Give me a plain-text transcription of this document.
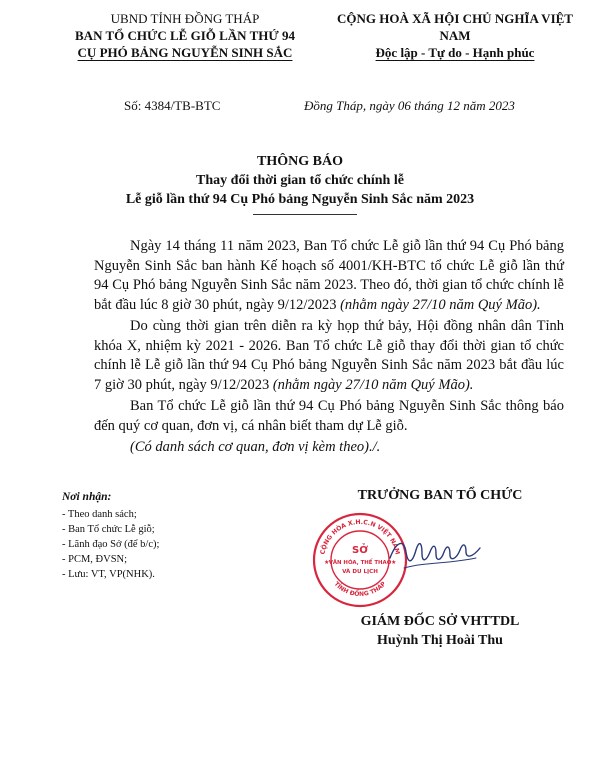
UBND TỈNH ĐỒNG THÁP
BAN TỔ CHỨC LỄ GIỖ LẦN THỨ 94
CỤ PHÓ BẢNG NGUYỄN SINH SẮC
CỘNG HOÀ XÃ HỘI CHỦ NGHĨA VIỆT NAM
Độc lập - Tự do - Hạnh phúc
Số: 4384/TB-BTC	Đồng Tháp, ngày 06 tháng 12 năm 2023
THÔNG BÁO
Thay đổi thời gian tổ chức chính lễ
Lễ giỗ lần thứ 94 Cụ Phó bảng Nguyễn Sinh Sắc năm 2023

Ngày 14 tháng 11 năm 2023, Ban Tổ chức Lễ giỗ lần thứ 94 Cụ Phó bảng Nguyễn Sinh Sắc ban hành Kế hoạch số 4001/KH-BTC tổ chức Lễ giỗ lần thứ 94 Cụ Phó bảng Nguyễn Sinh Sắc năm 2023. Theo đó, thời gian tổ chức chính lễ bắt đầu lúc 8 giờ 30 phút, ngày 9/12/2023 (nhằm ngày 27/10 năm Quý Mão).

Do cùng thời gian trên diễn ra kỳ họp thứ bảy, Hội đồng nhân dân Tỉnh khóa X, nhiệm kỳ 2021 - 2026. Ban Tổ chức Lễ giỗ thay đổi thời gian tổ chức chính lễ Lễ giỗ lần thứ 94 Cụ Phó bảng Nguyễn Sinh Sắc năm 2023 bắt đầu lúc 7 giờ 30 phút, ngày 9/12/2023 (nhằm ngày 27/10 năm Quý Mão).

Ban Tổ chức Lễ giỗ lần thứ 94 Cụ Phó bảng Nguyễn Sinh Sắc thông báo đến quý cơ quan, đơn vị, cá nhân biết tham dự Lễ giỗ.

(Có danh sách cơ quan, đơn vị kèm theo)./.

Nơi nhận:
- Theo danh sách;
- Ban Tổ chức Lễ giỗ;
- Lãnh đạo Sở (để b/c);
- PCM, ĐVSN;
- Lưu: VT, VP(NHK).
TRƯỞNG BAN TỔ CHỨC
CỘNG HÒA X.H.C.N VIỆT NAM
TỈNH ĐỒNG THÁP
SỞ
VĂN HÓA, THỂ THAO
VÀ DU LỊCH
★	★
GIÁM ĐỐC SỞ VHTTDL
Huỳnh Thị Hoài Thu
